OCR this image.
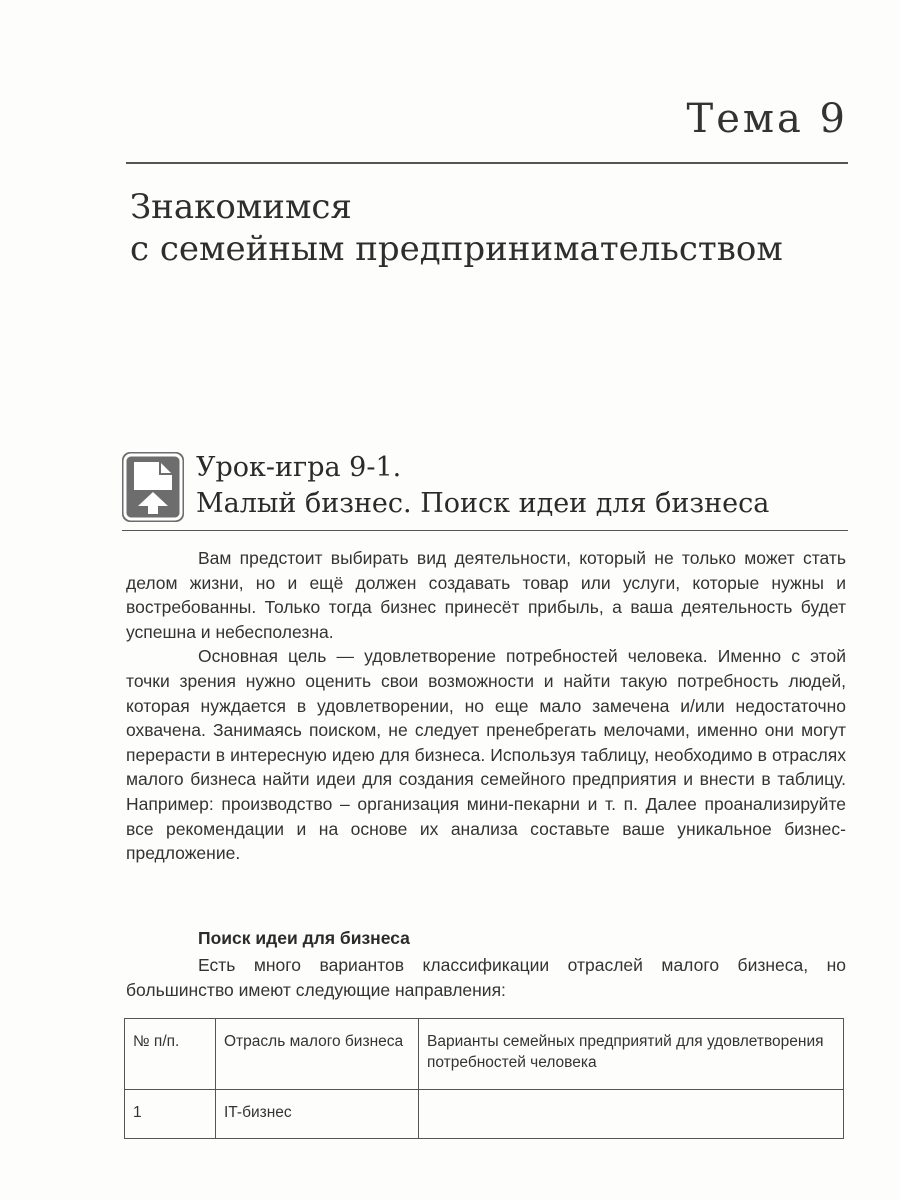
Тема 9
Знакомимся
с семейным предпринимательством
Урок-игра 9-1.
Малый бизнес. Поиск идеи для бизнеса

Вам предстоит выбирать вид деятельности, который не только может стать делом жизни, но и ещё должен создавать товар или услуги, которые нужны и востребованны. Только тогда бизнес принесёт прибыль, а ваша деятельность будет успешна и небесполезна.

Основная цель — удовлетворение потребностей человека. Именно с этой точки зрения нужно оценить свои возможности и найти такую потребность людей, которая нуждается в удовлетворении, но еще мало замечена и/или недостаточно охвачена. Занимаясь поиском, не следует пренебрегать мелочами, именно они могут перерасти в интересную идею для бизнеса. Используя таблицу, необходимо в отраслях малого бизнеса найти идеи для создания семейного предприятия и внести в таблицу. Например: производство – организация мини-пекарни и т. п. Далее проанализируйте все рекомендации и на основе их анализа составьте ваше уникальное бизнес-предложение.

Поиск идеи для бизнеса

Есть много вариантов классификации отраслей малого бизнеса, но большинство имеют следующие направления:

№ п/п.	Отрасль малого бизнеса	Варианты семейных предприятий для удовлетворения потребностей человека
1	IT-бизнес	
